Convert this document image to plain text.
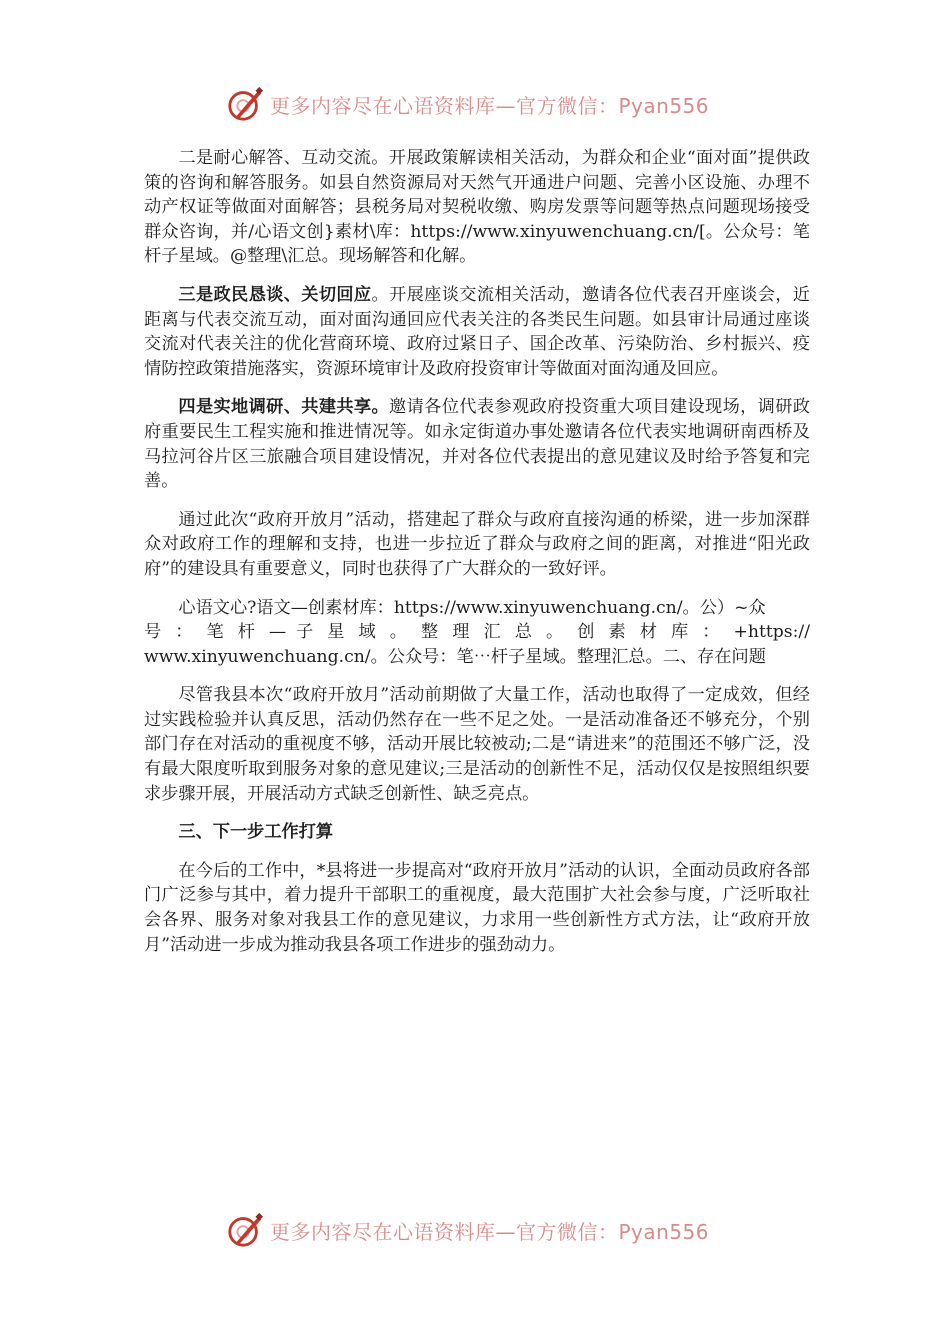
更多内容尽在心语资料库—官方微信：Pyan556

二是耐心解答、互动交流。开展政策解读相关活动，为群众和企业“面对面”提供政策的咨询和解答服务。如县自然资源局对天然气开通进户问题、完善小区设施、办理不动产权证等做面对面解答；县税务局对契税收缴、购房发票等问题等热点问题现场接受群众咨询，并/心语文创}素材\库：https://www.xinyuwenchuang.cn/[。公众号：笔杆子星域。@整理\汇总。现场解答和化解。

三是政民恳谈、关切回应。开展座谈交流相关活动，邀请各位代表召开座谈会，近距离与代表交流互动，面对面沟通回应代表关注的各类民生问题。如县审计局通过座谈交流对代表关注的优化营商环境、政府过紧日子、国企改革、污染防治、乡村振兴、疫情防控政策措施落实，资源环境审计及政府投资审计等做面对面沟通及回应。

四是实地调研、共建共享。邀请各位代表参观政府投资重大项目建设现场，调研政府重要民生工程实施和推进情况等。如永定街道办事处邀请各位代表实地调研南西桥及马拉河谷片区三旅融合项目建设情况，并对各位代表提出的意见建议及时给予答复和完善。

通过此次“政府开放月”活动，搭建起了群众与政府直接沟通的桥梁，进一步加深群众对政府工作的理解和支持，也进一步拉近了群众与政府之间的距离，对推进“阳光政府”的建设具有重要意义，同时也获得了广大群众的一致好评。

心语文心?语文—创素材库：https://www.xinyuwenchuang.cn/。公）~众
号 ： 笔 杆 — 子 星 域 。 整 理 汇 总 。 创 素 材 库 ： +https://
www.xinyuwenchuang.cn/。公众号：笔⋯杆子星域。整理汇总。二、存在问题

尽管我县本次“政府开放月”活动前期做了大量工作，活动也取得了一定成效，但经过实践检验并认真反思，活动仍然存在一些不足之处。一是活动准备还不够充分，个别部门存在对活动的重视度不够，活动开展比较被动;二是“请进来”的范围还不够广泛，没有最大限度听取到服务对象的意见建议;三是活动的创新性不足，活动仅仅是按照组织要求步骤开展，开展活动方式缺乏创新性、缺乏亮点。

三、下一步工作打算

在今后的工作中，*县将进一步提高对“政府开放月”活动的认识，全面动员政府各部门广泛参与其中，着力提升干部职工的重视度，最大范围扩大社会参与度，广泛听取社会各界、服务对象对我县工作的意见建议，力求用一些创新性方式方法，让“政府开放月”活动进一步成为推动我县各项工作进步的强劲动力。

更多内容尽在心语资料库—官方微信：Pyan556
